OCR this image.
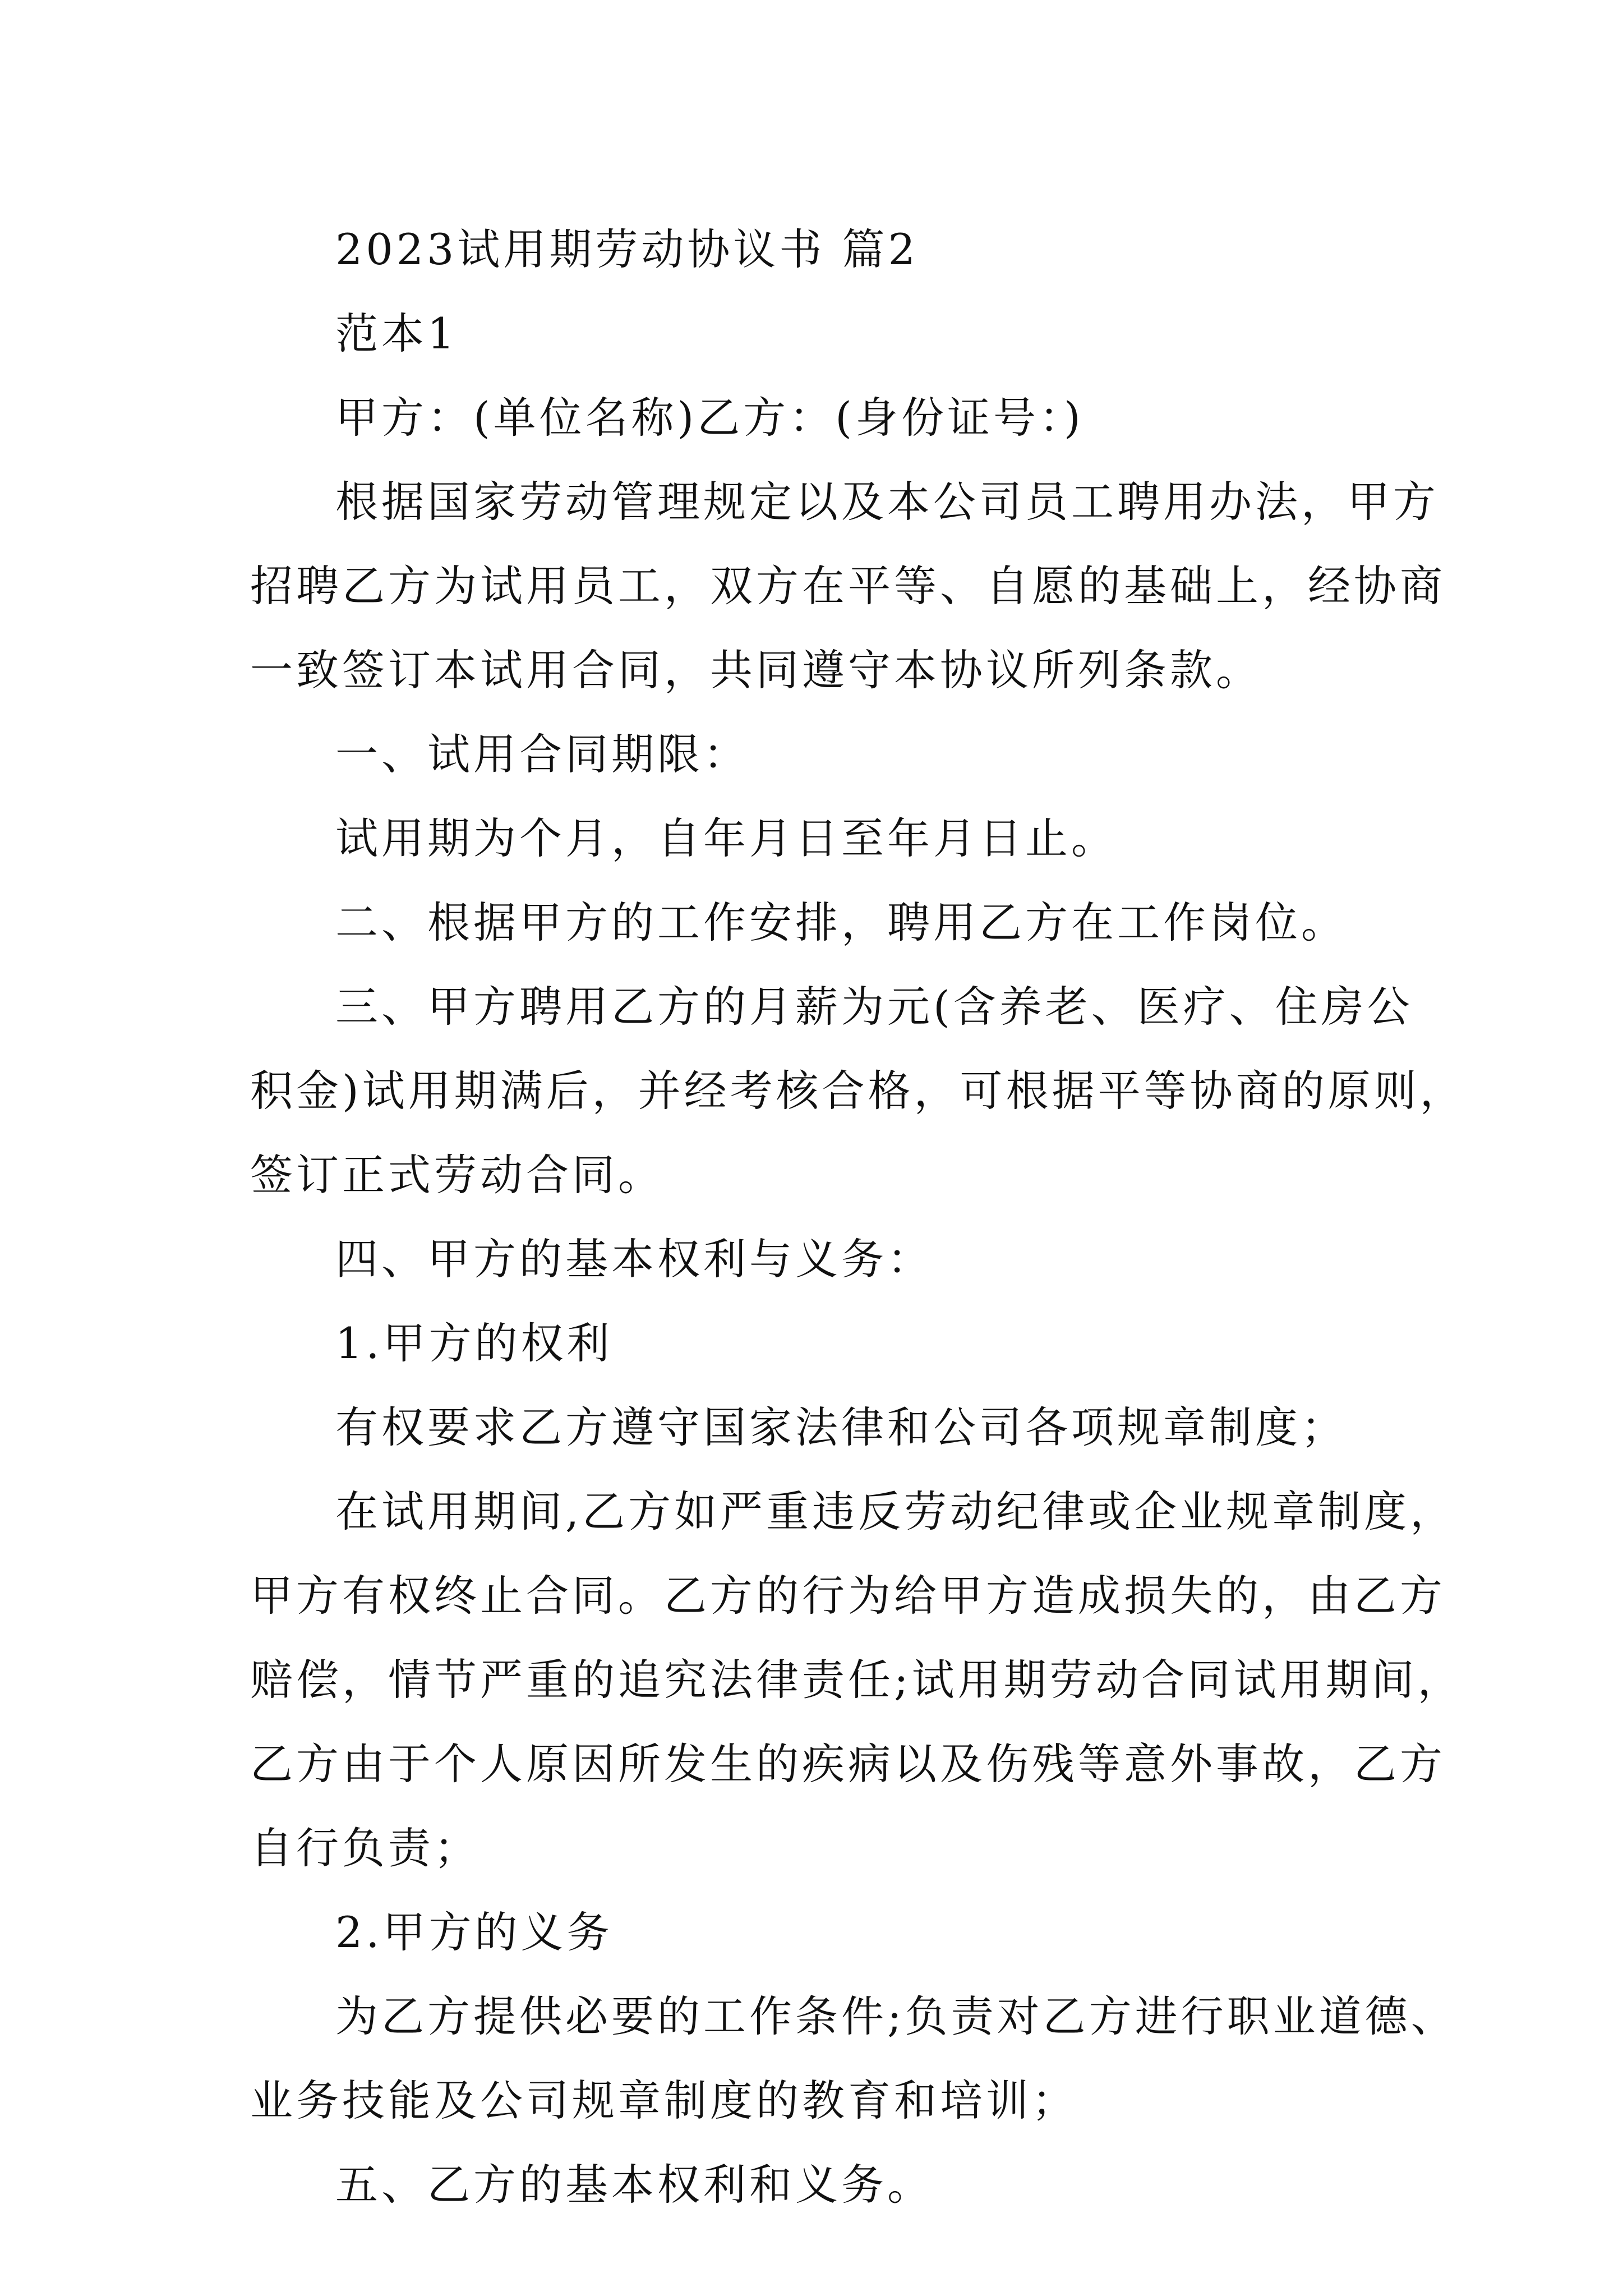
2023试用期劳动协议书 篇2
范本1
甲方：(单位名称)乙方：(身份证号：)
根据国家劳动管理规定以及本公司员工聘用办法，甲方
招聘乙方为试用员工，双方在平等、自愿的基础上，经协商
一致签订本试用合同，共同遵守本协议所列条款。
一、试用合同期限：
试用期为个月，自年月日至年月日止。
二、根据甲方的工作安排，聘用乙方在工作岗位。
三、甲方聘用乙方的月薪为元(含养老、医疗、住房公
积金)试用期满后，并经考核合格，可根据平等协商的原则，
签订正式劳动合同。
四、甲方的基本权利与义务：
1.甲方的权利
有权要求乙方遵守国家法律和公司各项规章制度；
在试用期间,乙方如严重违反劳动纪律或企业规章制度，
甲方有权终止合同。乙方的行为给甲方造成损失的，由乙方
赔偿，情节严重的追究法律责任;试用期劳动合同试用期间，
乙方由于个人原因所发生的疾病以及伤残等意外事故，乙方
自行负责；
2.甲方的义务
为乙方提供必要的工作条件;负责对乙方进行职业道德、
业务技能及公司规章制度的教育和培训；
五、乙方的基本权利和义务。
